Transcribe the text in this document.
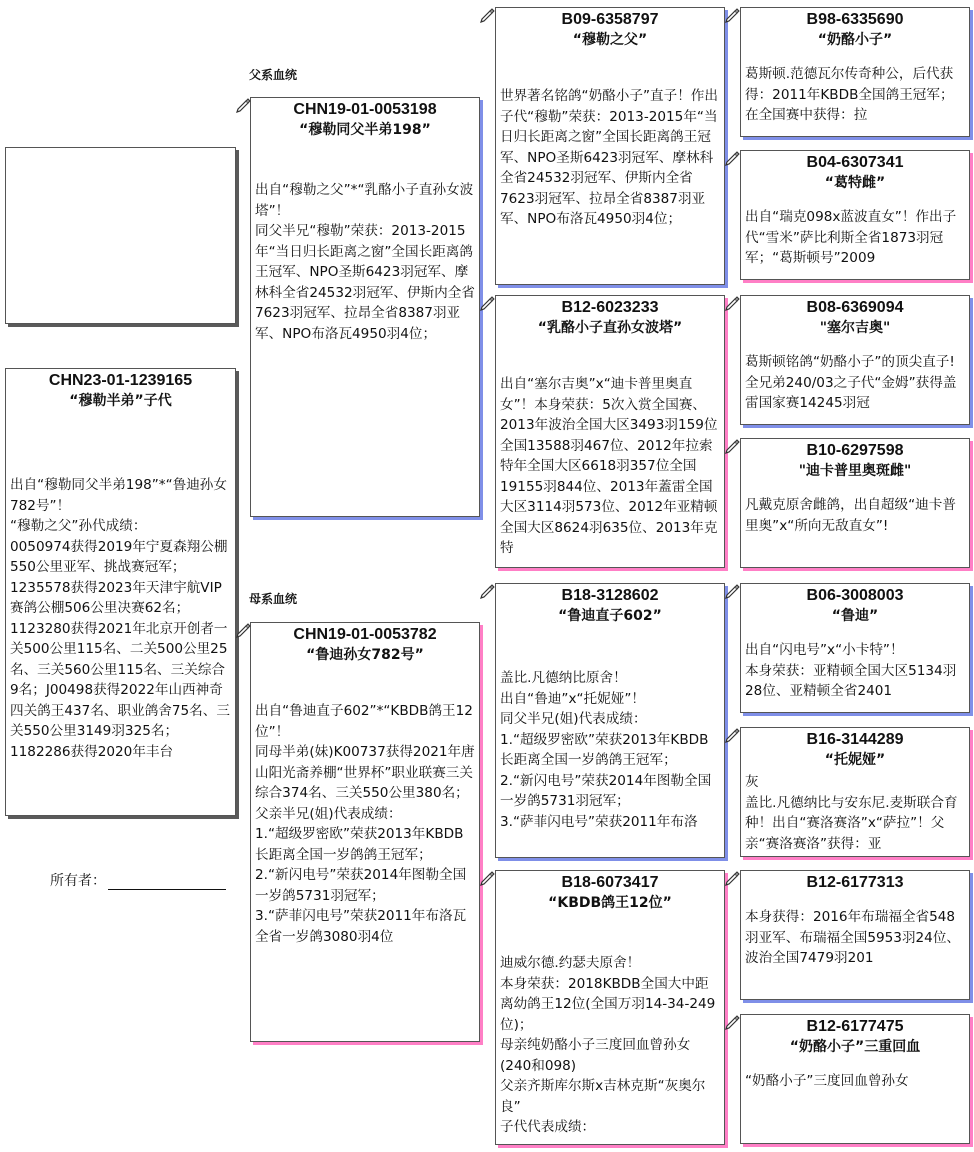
父系血统
母系血统
CHN23-01-1239165
“穆勒半弟”子代
出自“穆勒同父半弟198”*“鲁迪孙女782号”！
“穆勒之父”孙代成绩：
0050974获得2019年宁夏森翔公棚550公里亚军、挑战赛冠军； 1235578获得2023年天津宇航VIP赛鸽公棚506公里决赛62名； 1123280获得2021年北京开创者一关500公里115名、二关500公里25名、三关560公里115名、三关综合9名；J00498获得2022年山西神奇四关鸽王437名、职业鸽舍75名、三关550公里3149羽325名； 1182286获得2020年丰台
所有者：
CHN19-01-0053198
“穆勒同父半弟198”
出自“穆勒之父”*“乳酪小子直孙女波塔”！
同父半兄“穆勒”荣获：2013-2015年“当日归长距离之窗”全国长距离鸽王冠军、NPO圣斯6423羽冠军、摩林科全省24532羽冠军、伊斯内全省7623羽冠军、拉昂全省8387羽亚军、NPO布洛瓦4950羽4位；
CHN19-01-0053782
“鲁迪孙女782号”
出自“鲁迪直子602”*“KBDB鸽王12位”！
同母半弟(妹)K00737获得2021年唐山阳光斋养棚“世界杯”职业联赛三关综合374名、三关550公里380名；
父亲半兄(姐)代表成绩：
1.“超级罗密欧”荣获2013年KBDB长距离全国一岁鸽鸽王冠军；
2.“新闪电号”荣获2014年图勒全国一岁鸽5731羽冠军；
3.“萨菲闪电号”荣获2011年布洛瓦全省一岁鸽3080羽4位
B09-6358797
“穆勒之父”
世界著名铭鸽“奶酪小子”直子！作出子代“穆勒”荣获：2013-2015年“当日归长距离之窗”全国长距离鸽王冠军、NPO圣斯6423羽冠军、摩林科全省24532羽冠军、伊斯内全省7623羽冠军、拉昂全省8387羽亚军、NPO布洛瓦4950羽4位；
B12-6023233
“乳酪小子直孙女波塔”
出自“塞尔吉奥”x“迪卡普里奥直女”！本身荣获：5次入赏全国赛、2013年波治全国大区3493羽159位全国13588羽467位、2012年拉索特年全国大区6618羽357位全国19155羽844位、2013年蓋雷全国大区3114羽573位、2012年亚精顿全国大区8624羽635位、2013年克特
B18-3128602
“鲁迪直子602”
盖比.凡德纳比原舍！
出自“鲁迪”x“托妮娅”！
同父半兄(姐)代表成绩：
1.“超级罗密欧”荣获2013年KBDB长距离全国一岁鸽鸽王冠军；
2.“新闪电号”荣获2014年图勒全国一岁鸽5731羽冠军；
3.“萨菲闪电号”荣获2011年布洛
B18-6073417
“KBDB鸽王12位”
迪威尔德.约瑟夫原舍！
本身荣获：2018KBDB全国大中距离幼鸽王12位(全国万羽14-34-249位)；
母亲纯奶酪小子三度回血曾孙女(240和098)
父亲齐斯库尔斯x吉林克斯“灰奥尔良”
子代代表成绩：
B98-6335690
“奶酪小子”
葛斯顿.范德瓦尔传奇种公，后代获得：2011年KBDB全国鸽王冠军；在全国赛中获得：拉
B04-6307341
“葛特雌”
出自“瑞克098x蓝波直女”！作出子代“雪米”萨比利斯全省1873羽冠军；“葛斯顿号”2009
B08-6369094
"塞尔吉奥"
葛斯顿铭鸽“奶酪小子”的顶尖直子!全兄弟240/03之子代“金姆”获得盖雷国家赛14245羽冠
B10-6297598
"迪卡普里奥斑雌"
凡戴克原舍雌鸽，出自超级“迪卡普里奥”x“所向无敌直女”!
B06-3008003
“鲁迪”
出自“闪电号”x“小卡特”！
本身荣获：亚精顿全国大区5134羽28位、亚精顿全省2401
B16-3144289
“托妮娅”
灰
盖比.凡德纳比与安东尼.麦斯联合育种！出自“赛洛赛洛”x“萨拉”！父亲“赛洛赛洛”获得：亚
B12-6177313
本身获得：2016年布瑞福全省548羽亚军、布瑞福全国5953羽24位、波治全国7479羽201
B12-6177475
“奶酪小子”三重回血
“奶酪小子”三度回血曾孙女
